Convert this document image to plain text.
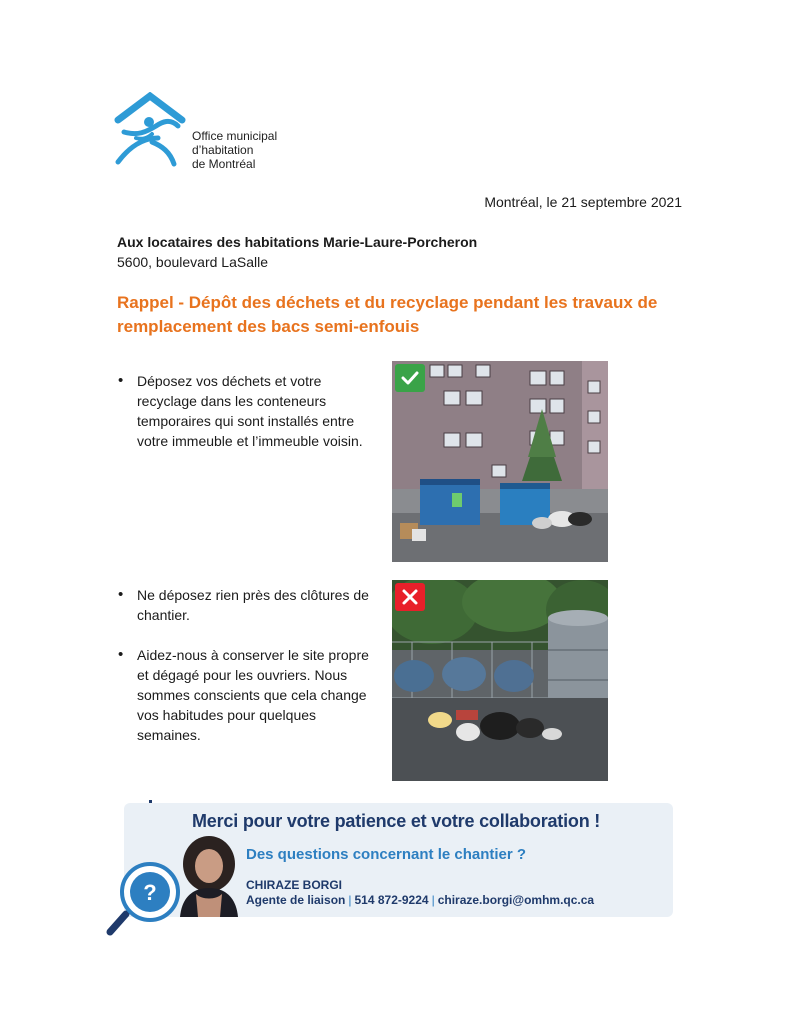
Office municipal
d’habitation
de Montréal
Montréal, le 21 septembre 2021
Aux locataires des habitations Marie-Laure-Porcheron
5600, boulevard LaSalle
Rappel - Dépôt des déchets et du recyclage pendant les travaux de remplacement des bacs semi-enfouis
• Déposez vos déchets et votre recyclage dans les conteneurs temporaires qui sont installés entre votre immeuble et l’immeuble voisin.
• Ne déposez rien près des clôtures de chantier.
• Aidez-nous à conserver le site propre et dégagé pour les ouvriers. Nous sommes conscients que cela change vos habitudes pour quelques semaines.
Merci pour votre patience et votre collaboration !
Des questions concernant le chantier ?
?	CHIRAZE BORGI
Agente de liaison | 514 872-9224 | chiraze.borgi@omhm.qc.ca
